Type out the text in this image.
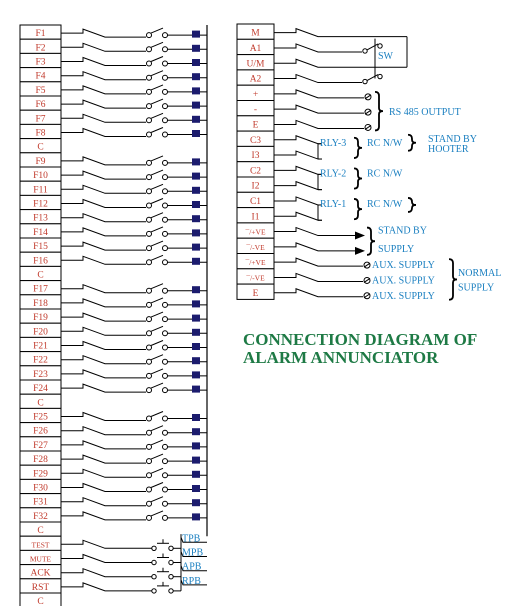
F1
F2
F3
F4
F5
F6
F7
F8
C
F9
F10
F11
F12
F13
F14
F15
F16
C
F17
F18
F19
F20
F21
F22
F23
F24
C
F25
F26
F27
F28
F29
F30
F31
F32
C
TEST
MUTE
ACK
RST
C
TPB
MPB
APB
RPB
M
A1
U/M
A2
+
-
E
C3
I3
C2
I2
C1
I1
¯/+VE
¯/-VE
¯/+VE
¯/-VE
E
SW
RS 485 OUTPUT
RLY-3 RC N/W
RLY-2 RC N/W
RLY-1 RC N/W
STAND BY
HOOTER
STAND BY
SUPPLY
AUX. SUPPLY
AUX. SUPPLY
AUX. SUPPLY
NORMAL
SUPPLY
CONNECTION DIAGRAM OF
ALARM ANNUNCIATOR
